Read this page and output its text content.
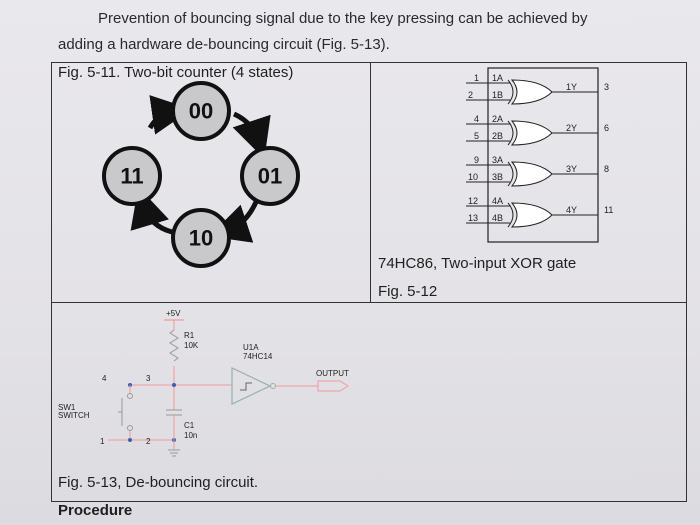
Prevention of bouncing signal due to the key pressing can be achieved by
adding a hardware de-bouncing circuit (Fig. 5-13).
Fig. 5-11. Two-bit counter (4 states)
00
01
10
11
1
2
1A
1B
1Y	3
4
5
2A
2B
2Y	6
9
10
3A
3B
3Y	8
12
13
4A
4B
4Y	11
+5V
R1
10K
4	3
U1A
74HC14
OUTPUT
SW1
SWITCH
1	2
C1
10n
74HC86, Two-input XOR gate
Fig. 5-12
Fig. 5-13, De-bouncing circuit.
Procedure
